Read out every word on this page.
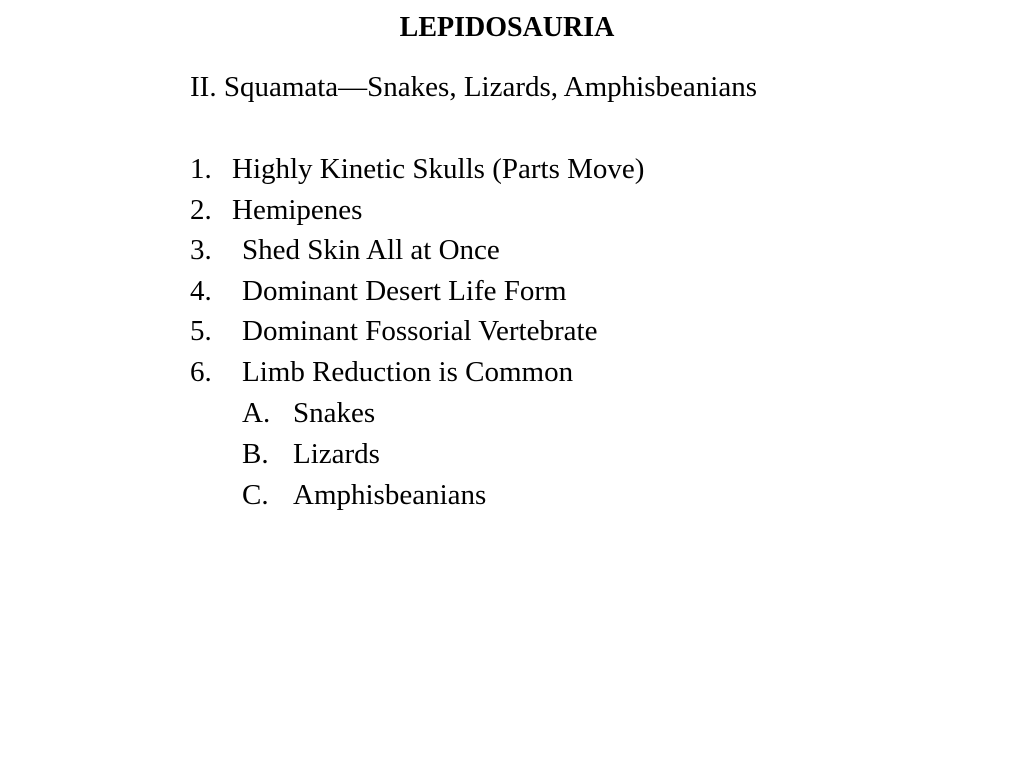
LEPIDOSAURIA

II. Squamata—Snakes, Lizards, Amphisbeanians

1. Highly Kinetic Skulls (Parts Move)
2. Hemipenes
3. Shed Skin All at Once
4. Dominant Desert Life Form
5. Dominant Fossorial Vertebrate
6. Limb Reduction is Common
A. Snakes
B. Lizards
C. Amphisbeanians
